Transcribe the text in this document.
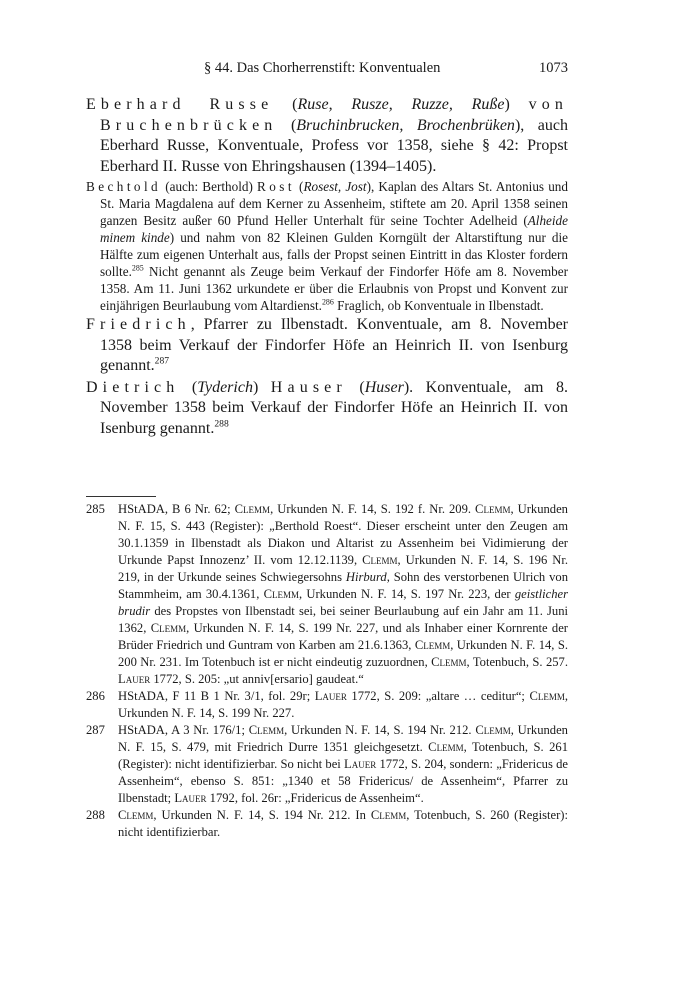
§ 44. Das Chorherrenstift: Konventualen	1073
Eberhard Russe (Ruse, Rusze, Ruzze, Ruße) von Bruchenbrücken (Bruchinbrucken, Brochenbrüken), auch Eberhard Russe, Konventuale, Profess vor 1358, siehe § 42: Propst Eberhard II. Russe von Ehringshausen (1394–1405).
Bechtold (auch: Berthold) Rost (Rosest, Jost), Kaplan des Altars St. Antonius und St. Maria Magdalena auf dem Kerner zu Assenheim, stiftete am 20. April 1358 seinen ganzen Besitz außer 60 Pfund Heller Unterhalt für seine Tochter Adelheid (Alheide minem kinde) und nahm von 82 Kleinen Gulden Korngült der Altarstiftung nur die Hälfte zum eigenen Unterhalt aus, falls der Propst seinen Eintritt in das Kloster fordern sollte.$^{285}$ Nicht genannt als Zeuge beim Verkauf der Findorfer Höfe am 8. November 1358. Am 11. Juni 1362 urkundete er über die Erlaubnis von Propst und Konvent zur einjährigen Beurlaubung vom Altardienst.$^{286}$ Fraglich, ob Konventuale in Ilbenstadt.
Friedrich, Pfarrer zu Ilbenstadt. Konventuale, am 8. November 1358 beim Verkauf der Findorfer Höfe an Heinrich II. von Isenburg genannt.$^{287}$
Dietrich (Tyderich) Hauser (Huser). Konventuale, am 8. November 1358 beim Verkauf der Findorfer Höfe an Heinrich II. von Isenburg genannt.$^{288}$
285 HStADA, B 6 Nr. 62; Clemm, Urkunden N. F. 14, S. 192 f. Nr. 209. Clemm, Urkunden N. F. 15, S. 443 (Register): „Berthold Roest“. Dieser erscheint unter den Zeugen am 30.1.1359 in Ilbenstadt als Diakon und Altarist zu Assenheim bei Vidimierung der Urkunde Papst Innozenz’ II. vom 12.12.1139, Clemm, Urkunden N. F. 14, S. 196 Nr. 219, in der Urkunde seines Schwiegersohns Hirburd, Sohn des verstorbenen Ulrich von Stammheim, am 30.4.1361, Clemm, Urkunden N. F. 14, S. 197 Nr. 223, der geistlicher brudir des Propstes von Ilbenstadt sei, bei seiner Beurlaubung auf ein Jahr am 11. Juni 1362, Clemm, Urkunden N. F. 14, S. 199 Nr. 227, und als Inhaber einer Kornrente der Brüder Friedrich und Guntram von Karben am 21.6.1363, Clemm, Urkunden N. F. 14, S. 200 Nr. 231. Im Totenbuch ist er nicht eindeutig zuzuordnen, Clemm, Totenbuch, S. 257. Lauer 1772, S. 205: „ut anniv[ersario] gaudeat.“
286 HStADA, F 11 B 1 Nr. 3/1, fol. 29r; Lauer 1772, S. 209: „altare … ceditur“; Clemm, Urkunden N. F. 14, S. 199 Nr. 227.
287 HStADA, A 3 Nr. 176/1; Clemm, Urkunden N. F. 14, S. 194 Nr. 212. Clemm, Urkunden N. F. 15, S. 479, mit Friedrich Durre 1351 gleichgesetzt. Clemm, Totenbuch, S. 261 (Register): nicht identifizierbar. So nicht bei Lauer 1772, S. 204, sondern: „Fridericus de Assenheim“, ebenso S. 851: „1340 et 58 Fridericus/ de Assenheim“, Pfarrer zu Ilbenstadt; Lauer 1792, fol. 26r: „Fridericus de Assenheim“.
288 Clemm, Urkunden N. F. 14, S. 194 Nr. 212. In Clemm, Totenbuch, S. 260 (Register): nicht identifizierbar.
